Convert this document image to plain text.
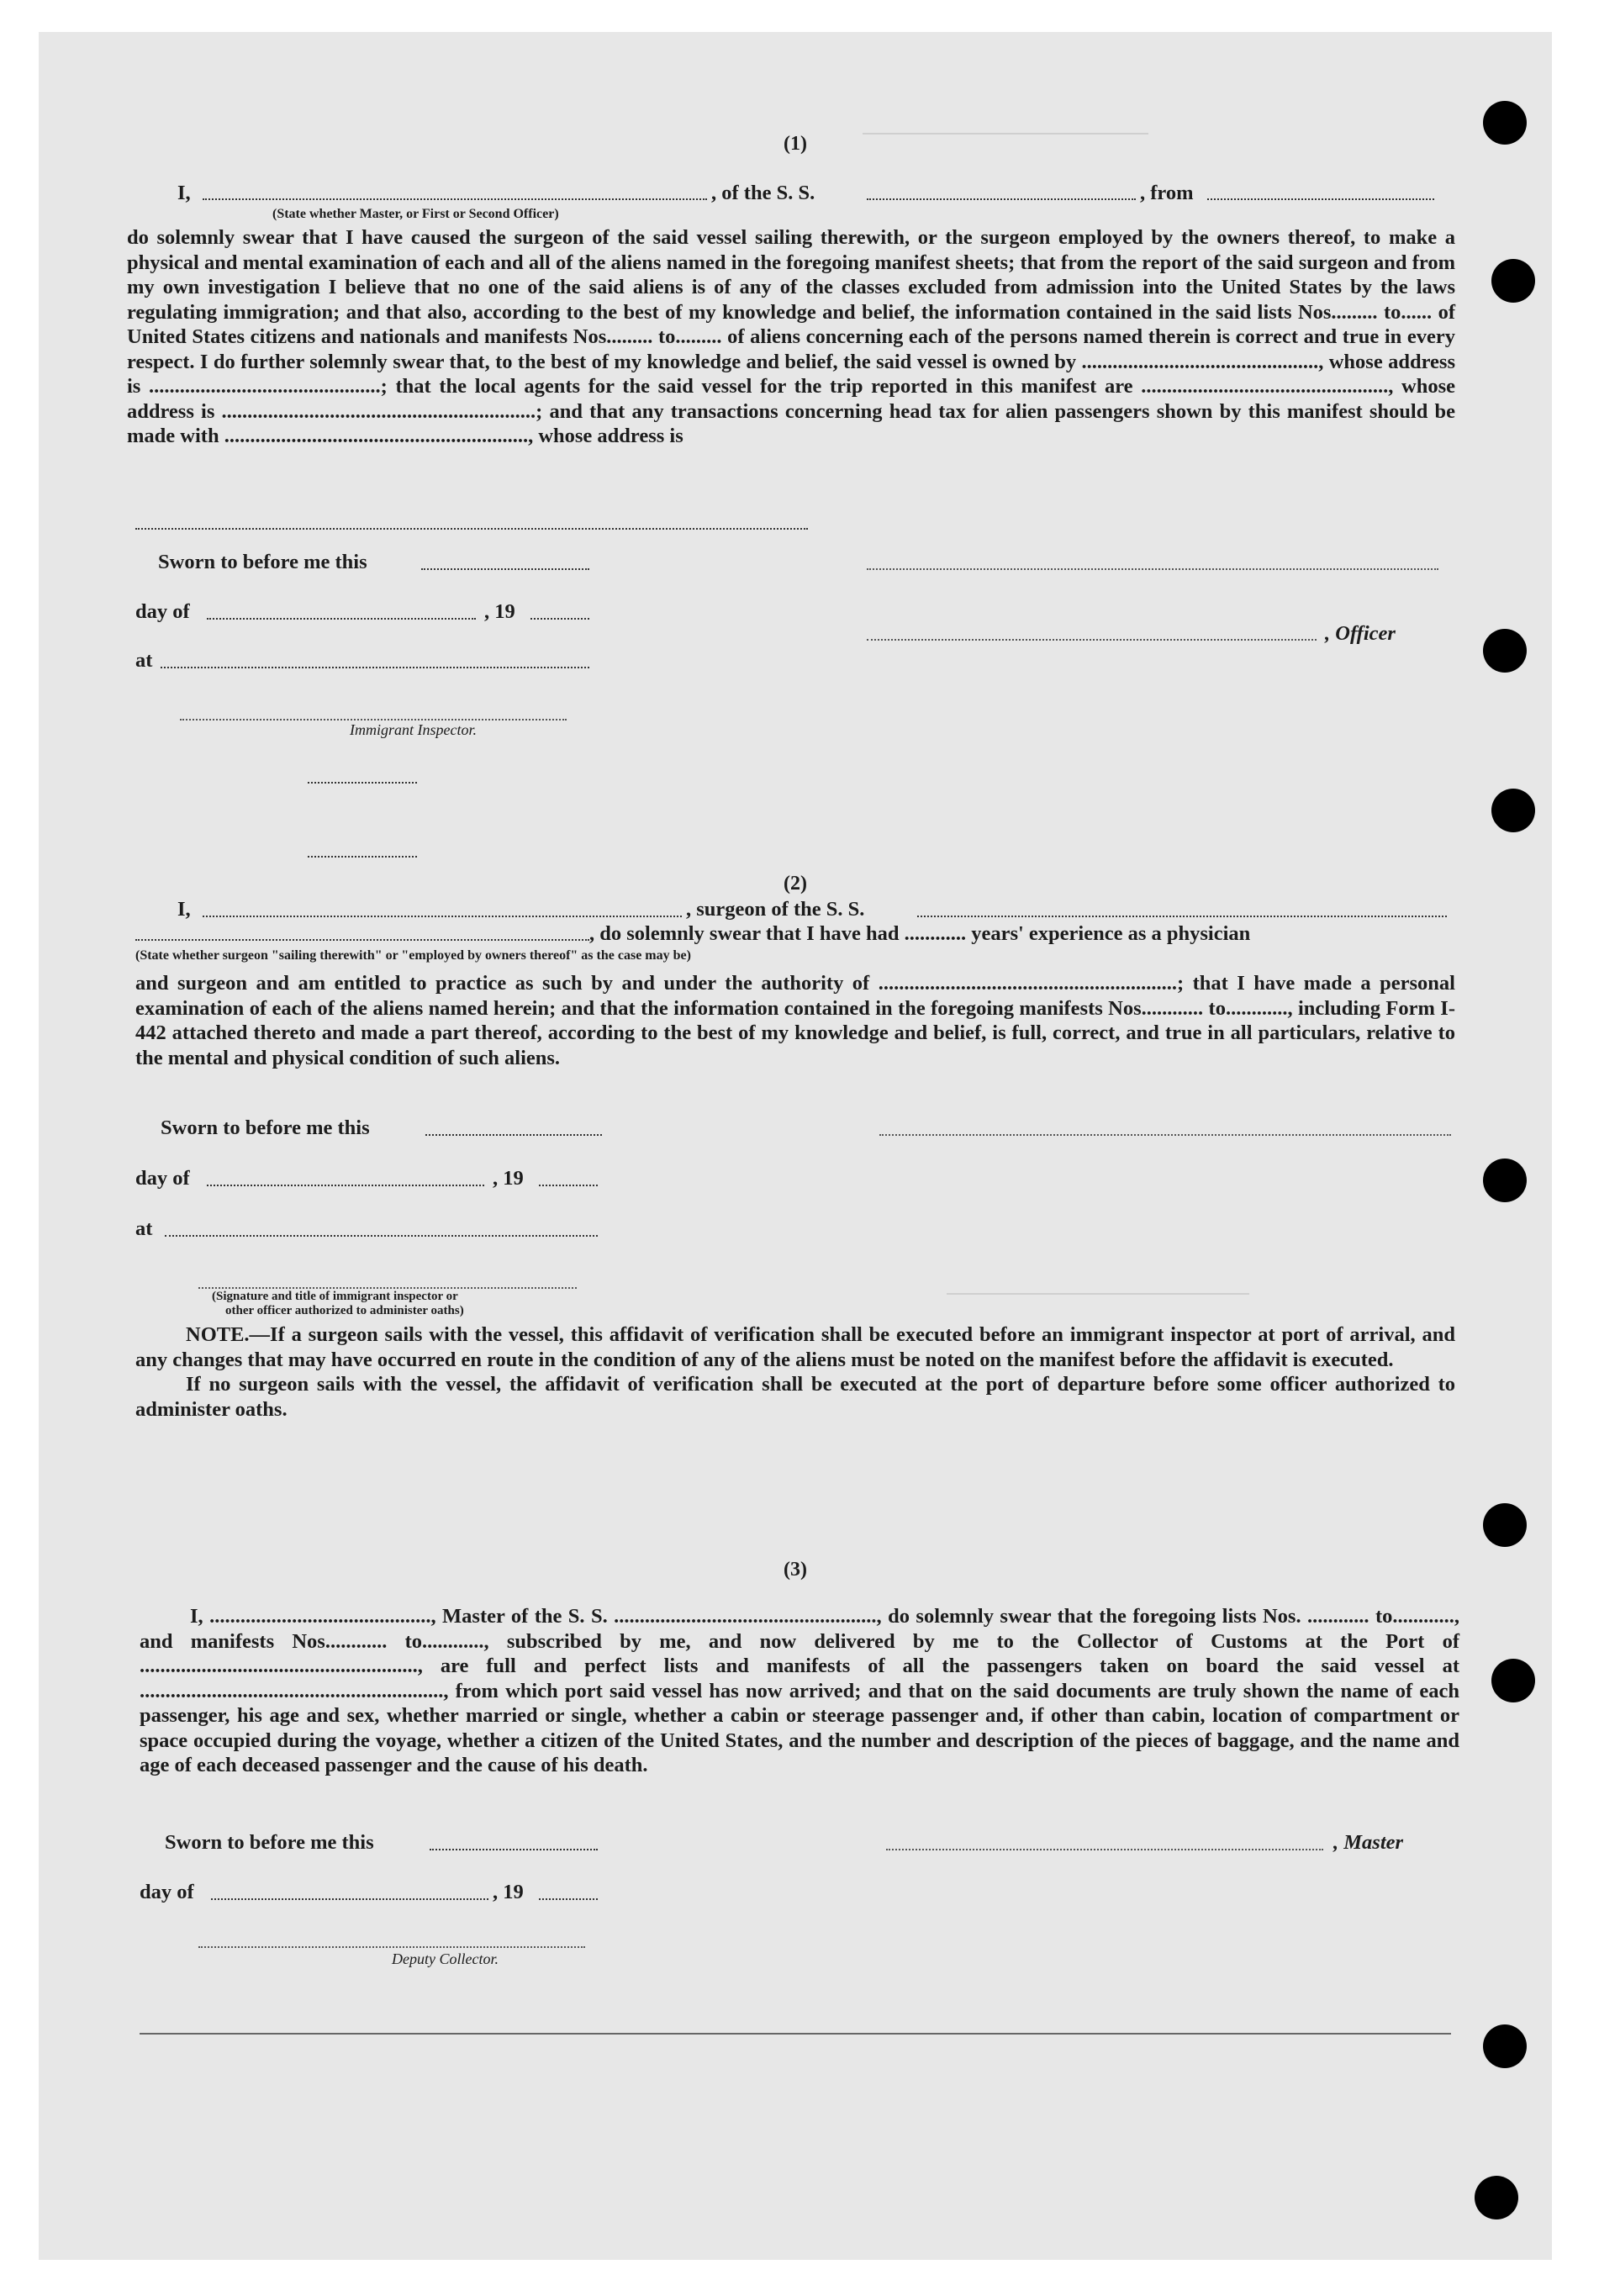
(1)
I,	, of the S. S.	, from
(State whether Master, or First or Second Officer)

do solemnly swear that I have caused the surgeon of the said vessel sailing therewith, or the surgeon employed by the owners thereof, to make a physical and mental examination of each and all of the aliens named in the foregoing manifest sheets; that from the report of the said surgeon and from my own investigation I believe that no one of the said aliens is of any of the classes excluded from admission into the United States by the laws regulating immigration; and that also, according to the best of my knowledge and belief, the information contained in the said lists Nos......... to...... of United States citizens and nationals and manifests Nos......... to......... of aliens concerning each of the persons named therein is correct and true in every respect. I do further solemnly swear that, to the best of my knowledge and belief, the said vessel is owned by .............................................., whose address is .............................................; that the local agents for the said vessel for the trip reported in this manifest are ................................................, whose address is .............................................................; and that any transactions concerning head tax for alien passengers shown by this manifest should be made with ..........................................................., whose address is

Sworn to before me this
day of	, 19
, Officer
at
Immigrant Inspector.
(2)
I,	, surgeon of the S. S.
, do solemnly swear that I have had ............ years' experience as a physician
(State whether surgeon "sailing therewith" or "employed by owners thereof" as the case may be)

and surgeon and am entitled to practice as such by and under the authority of ..........................................................; that I have made a personal examination of each of the aliens named herein; and that the information contained in the foregoing manifests Nos............ to............, including Form I-442 attached thereto and made a part thereof, according to the best of my knowledge and belief, is full, correct, and true in all particulars, relative to the mental and physical condition of such aliens.

Sworn to before me this
day of	, 19
at
(Signature and title of immigrant inspector or
other officer authorized to administer oaths)

NOTE.—If a surgeon sails with the vessel, this affidavit of verification shall be executed before an immigrant inspector at port of arrival, and any changes that may have occurred en route in the condition of any of the aliens must be noted on the manifest before the affidavit is executed.

If no surgeon sails with the vessel, the affidavit of verification shall be executed at the port of departure before some officer authorized to administer oaths.

(3)

I, ..........................................., Master of the S. S. ..................................................., do solemnly swear that the foregoing lists Nos. ............ to............, and manifests Nos............ to............, subscribed by me, and now delivered by me to the Collector of Customs at the Port of ......................................................, are full and perfect lists and manifests of all the passengers taken on board the said vessel at ..........................................................., from which port said vessel has now arrived; and that on the said documents are truly shown the name of each passenger, his age and sex, whether married or single, whether a cabin or steerage passenger and, if other than cabin, location of compartment or space occupied during the voyage, whether a citizen of the United States, and the number and description of the pieces of baggage, and the name and age of each deceased passenger and the cause of his death.

Sworn to before me this	, Master
day of	, 19
Deputy Collector.
